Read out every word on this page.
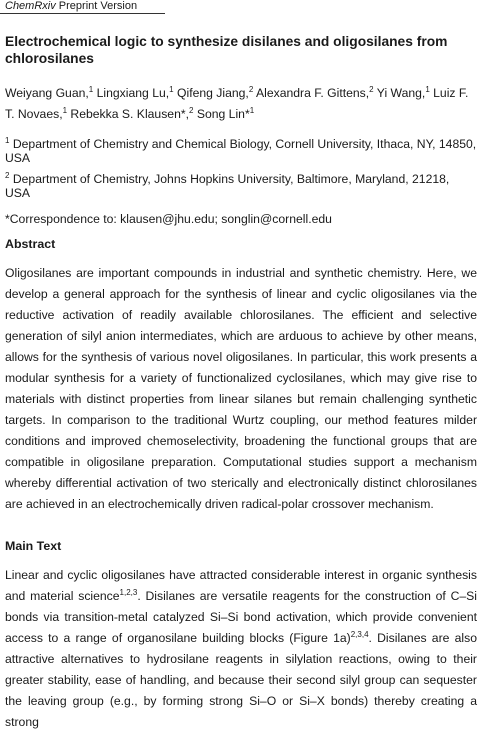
ChemRxiv Preprint Version
Electrochemical logic to synthesize disilanes and oligosilanes from chlorosilanes
Weiyang Guan,$^1$ Lingxiang Lu,$^1$ Qifeng Jiang,$^2$ Alexandra F. Gittens,$^2$ Yi Wang,$^1$ Luiz F. T. Novaes,$^1$ Rebekka S. Klausen*,$^2$ Song Lin*$^1$
$^1$ Department of Chemistry and Chemical Biology, Cornell University, Ithaca, NY, 14850, USA
$^2$ Department of Chemistry, Johns Hopkins University, Baltimore, Maryland, 21218, USA
*Correspondence to: klausen@jhu.edu; songlin@cornell.edu
Abstract

Oligosilanes are important compounds in industrial and synthetic chemistry. Here, we develop a general approach for the synthesis of linear and cyclic oligosilanes via the reductive activation of readily available chlorosilanes. The efficient and selective generation of silyl anion intermediates, which are arduous to achieve by other means, allows for the synthesis of various novel oligosilanes. In particular, this work presents a modular synthesis for a variety of functionalized cyclosilanes, which may give rise to materials with distinct properties from linear silanes but remain challenging synthetic targets. In comparison to the traditional Wurtz coupling, our method features milder conditions and improved chemoselectivity, broadening the functional groups that are compatible in oligosilane preparation. Computational studies support a mechanism whereby differential activation of two sterically and electronically distinct chlorosilanes are achieved in an electrochemically driven radical-polar crossover mechanism.

Main Text

Linear and cyclic oligosilanes have attracted considerable interest in organic synthesis and material science$^{1,2,3}$. Disilanes are versatile reagents for the construction of C–Si bonds via transition-metal catalyzed Si–Si bond activation, which provide convenient access to a range of organosilane building blocks (Figure 1a)$^{2,3,4}$. Disilanes are also attractive alternatives to hydrosilane reagents in silylation reactions, owing to their greater stability, ease of handling, and because their second silyl group can sequester the leaving group (e.g., by forming strong Si–O or Si–X bonds) thereby creating a strong
